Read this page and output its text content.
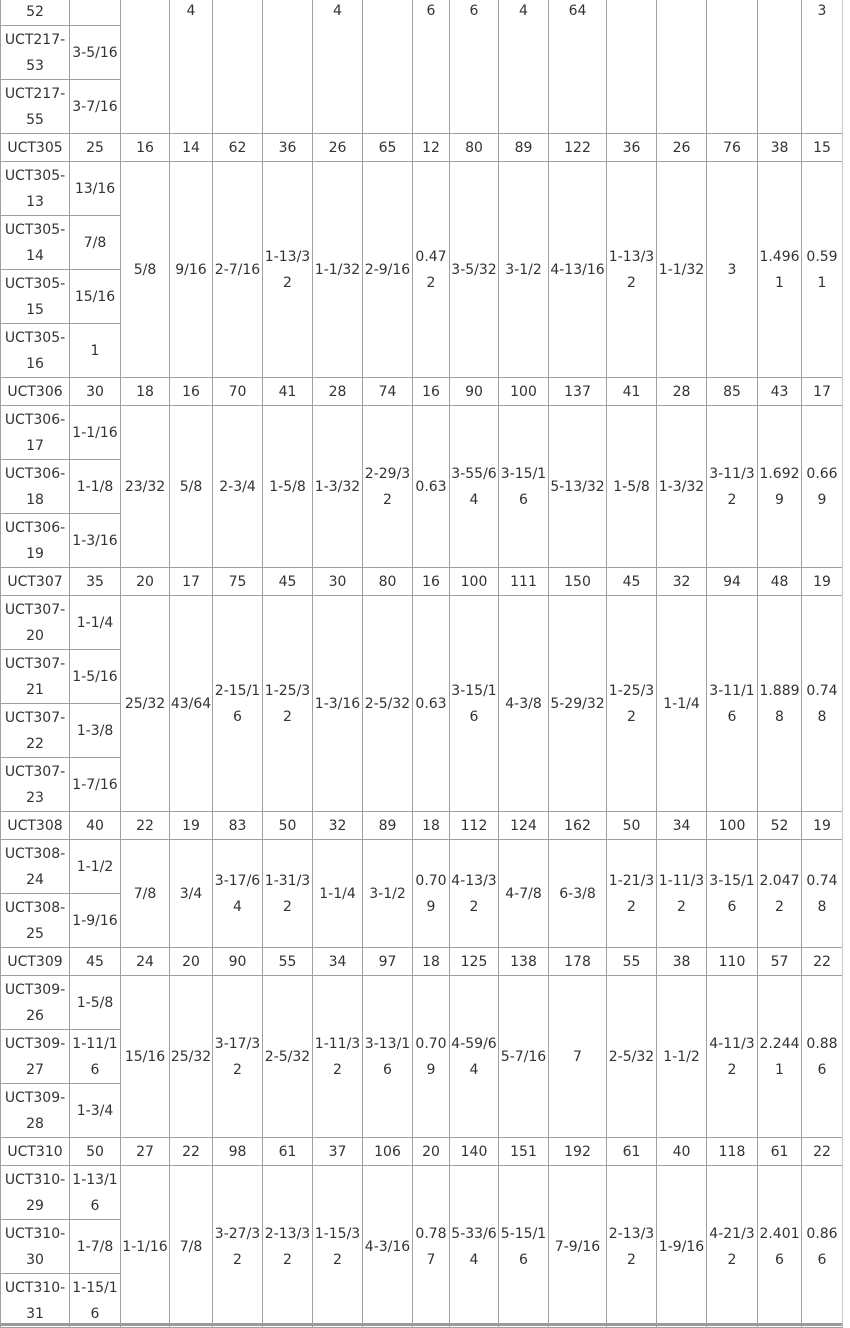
52			4			4		6	6	4	64					3
UCT217-53	3-5/16															
UCT217-55	3-7/16															
UCT305	25	16	14	62	36	26	65	12	80	89	122	36	26	76	38	15
UCT305-13	13/16	5/8	9/16	2-7/16	1-13/32	1-1/32	2-9/16	0.472	3-5/32	3-1/2	4-13/16	1-13/32	1-1/32	3	1.4961	0.591
UCT305-14	7/8															
UCT305-15	15/16															
UCT305-16	1															
UCT306	30	18	16	70	41	28	74	16	90	100	137	41	28	85	43	17
UCT306-17	1-1/16	23/32	5/8	2-3/4	1-5/8	1-3/32	2-29/32	0.63	3-55/64	3-15/16	5-13/32	1-5/8	1-3/32	3-11/32	1.6929	0.669
UCT306-18	1-1/8															
UCT306-19	1-3/16															
UCT307	35	20	17	75	45	30	80	16	100	111	150	45	32	94	48	19
UCT307-20	1-1/4	25/32	43/64	2-15/16	1-25/32	1-3/16	2-5/32	0.63	3-15/16	4-3/8	5-29/32	1-25/32	1-1/4	3-11/16	1.8898	0.748
UCT307-21	1-5/16															
UCT307-22	1-3/8															
UCT307-23	1-7/16															
UCT308	40	22	19	83	50	32	89	18	112	124	162	50	34	100	52	19
UCT308-24	1-1/2	7/8	3/4	3-17/64	1-31/32	1-1/4	3-1/2	0.709	4-13/32	4-7/8	6-3/8	1-21/32	1-11/32	3-15/16	2.0472	0.748
UCT308-25	1-9/16															
UCT309	45	24	20	90	55	34	97	18	125	138	178	55	38	110	57	22
UCT309-26	1-5/8	15/16	25/32	3-17/32	2-5/32	1-11/32	3-13/16	0.709	4-59/64	5-7/16	7	2-5/32	1-1/2	4-11/32	2.2441	0.886
UCT309-27	1-11/16															
UCT309-28	1-3/4															
UCT310	50	27	22	98	61	37	106	20	140	151	192	61	40	118	61	22
UCT310-29	1-13/16	1-1/16	7/8	3-27/32	2-13/32	1-15/32	4-3/16	0.787	5-33/64	5-15/16	7-9/16	2-13/32	1-9/16	4-21/32	2.4016	0.866
UCT310-30	1-7/8															
UCT310-31	1-15/16															
